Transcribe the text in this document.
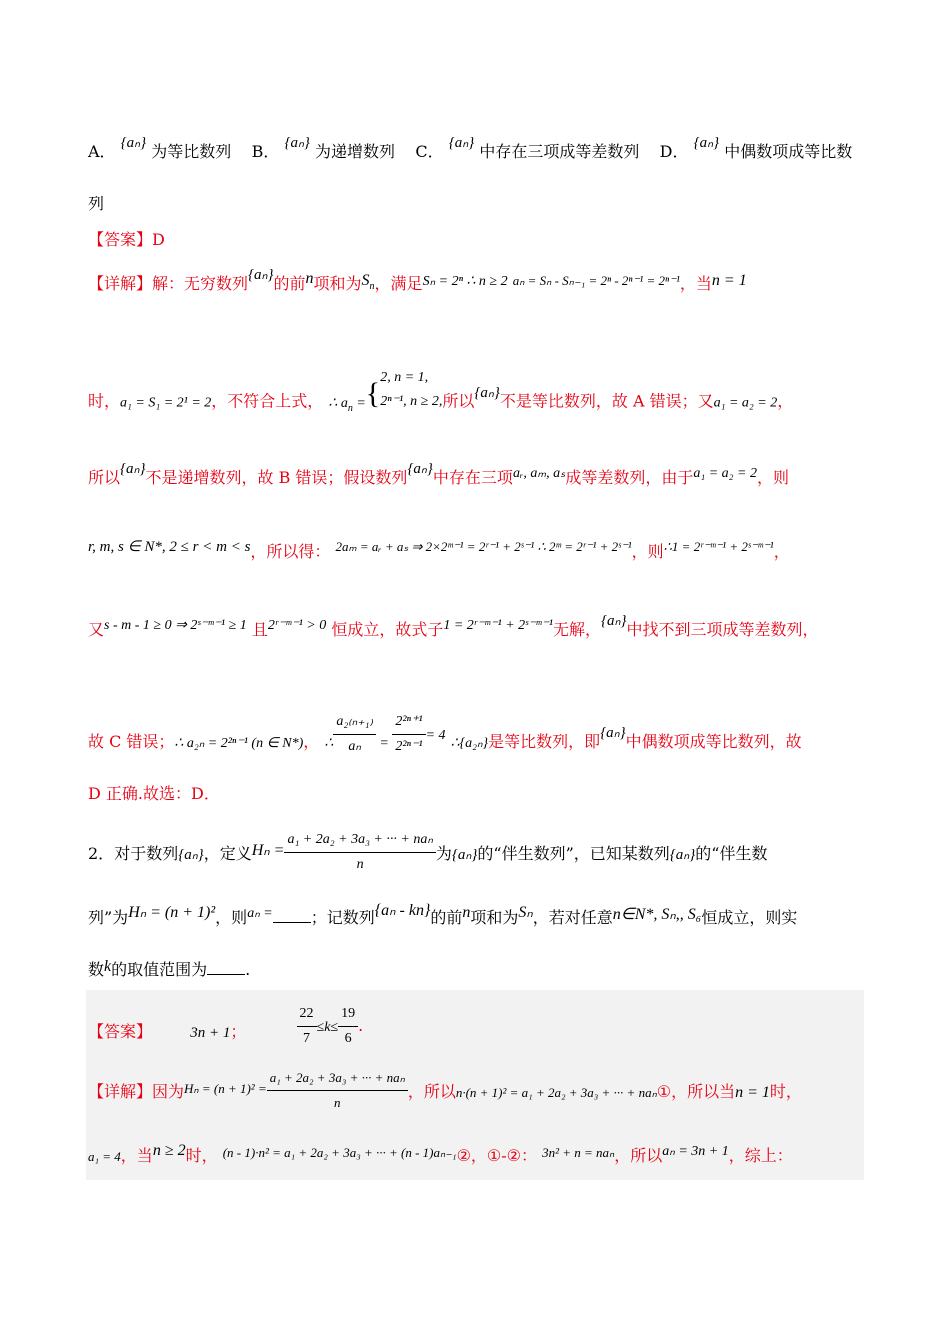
A． {aₙ} 为等比数列 B． {aₙ} 为递增数列 C． {aₙ} 中存在三项成等差数列 D． {aₙ} 中偶数项成等比数
列
【答案】D
【详解】解：无穷数列{aₙ}的前n项和为$S_n$，满足Sₙ = 2ⁿ ∴ n ≥ 2 $^{a_n = S_n - S_{n-1} = 2^n - 2^{n-1} = 2^{n-1}}$，当n = 1
时，a₁ = S₁ = 2¹ = 2，不符合上式， ∴ $a_n$ ={ 2, n = 1,
2ⁿ⁻¹, n ≥ 2, 所以{aₙ}不是等比数列，故 A 错误；又a₁ = a₂ = 2，
所以{aₙ}不是递增数列，故 B 错误；假设数列{aₙ}中存在三项aᵣ, aₘ, aₛ成等差数列，由于a₁ = a₂ = 2，则
r, m, s ∈ N*, 2 ≤ r < m < s，所以得： $^{2a_m = aᵣ + a_s \Rightarrow 2\times 2ᵐ^{-1} = 2ʳ^{-1} + 2ˢ^{-1} \therefore 2ᵐ = 2ʳ^{-1} + 2ˢ^{-1}}$，则$^{\therefore 1 = 2ʳ^-ᵐ^{-1} + 2ˢ^-ᵐ^{-1}}$，
又s - m - 1 ≥ 0 ⇒ 2ˢ⁻ᵐ⁻¹ ≥ 1 且2ʳ⁻ᵐ⁻¹ > 0 恒成立，故式子1 = 2ʳ⁻ᵐ⁻¹ + 2ˢ⁻ᵐ⁻¹无解，{aₙ}中找不到三项成等差数列，
故 C 错误；∴ a₂ₙ = 2²ⁿ⁻¹ (n ∈ N*)， ∴ $\frac{\text{a₂₍ₙ₊₁₎}}{\text{aₙ}} = \frac{\text{2²ⁿ⁺¹}}{\text{2²ⁿ⁻¹}} = 4$ ∴{a₂ₙ}是等比数列，即{aₙ}中偶数项成等比数列，故
D 正确.故选：D．
2．对于数列{aₙ}，定义$H_n = \frac{\text{a₁ + 2a₂ + 3a₃ + ··· + naₙ}}{n}$ 为{aₙ}的“伴生数列”，已知某数列{aₙ}的“伴生数
列”为Hₙ = (n + 1)²，则aₙ = ；记数列{aₙ - kn}的前n项和为Sₙ，若对任意n∈N*, Sₙ,, S₆恒成立，则实
数k的取值范围为 .
【答案】	3n + 1；	$\frac{22}{7} \le k\le \frac{19}{6}$ .
【详解】因为$^{H_n = (n + 1)^2 =} \frac{\text{a₁ + 2a₂ + 3a₃ + ··· + naₙ}}{n}$ ，所以n·(n + 1)² = a₁ + 2a₂ + 3a₃ + ··· + naₙ①，所以当n = 1时，
a₁ = 4，当n ≥ 2时， $^{(n - 1)\cdot n^2 = a_1 + 2a_2 + 3a_3 + \cdot\cdot\cdot + (n - 1)a_{n-1}}$②，①-②： $^{3n^2 + n = na_n}$，所以aₙ = 3n + 1，综上：
